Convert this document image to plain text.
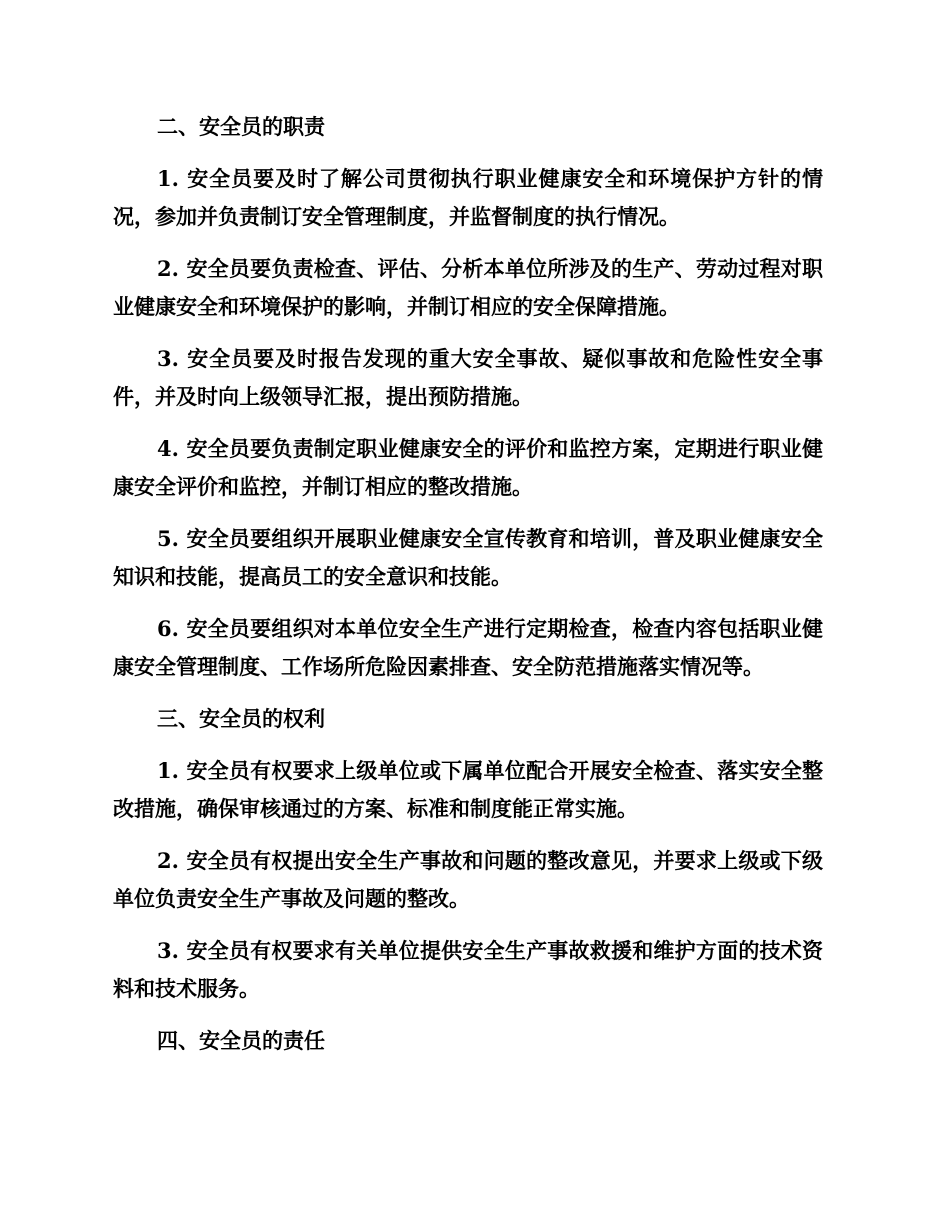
二、安全员的职责

1. 安全员要及时了解公司贯彻执行职业健康安全和环境保护方针的情况，参加并负责制订安全管理制度，并监督制度的执行情况。

2. 安全员要负责检查、评估、分析本单位所涉及的生产、劳动过程对职业健康安全和环境保护的影响，并制订相应的安全保障措施。

3. 安全员要及时报告发现的重大安全事故、疑似事故和危险性安全事件，并及时向上级领导汇报，提出预防措施。

4. 安全员要负责制定职业健康安全的评价和监控方案，定期进行职业健康安全评价和监控，并制订相应的整改措施。

5. 安全员要组织开展职业健康安全宣传教育和培训，普及职业健康安全知识和技能，提高员工的安全意识和技能。

6. 安全员要组织对本单位安全生产进行定期检查，检查内容包括职业健康安全管理制度、工作场所危险因素排查、安全防范措施落实情况等。

三、安全员的权利

1. 安全员有权要求上级单位或下属单位配合开展安全检查、落实安全整改措施，确保审核通过的方案、标准和制度能正常实施。

2. 安全员有权提出安全生产事故和问题的整改意见，并要求上级或下级单位负责安全生产事故及问题的整改。

3. 安全员有权要求有关单位提供安全生产事故救援和维护方面的技术资料和技术服务。

四、安全员的责任
